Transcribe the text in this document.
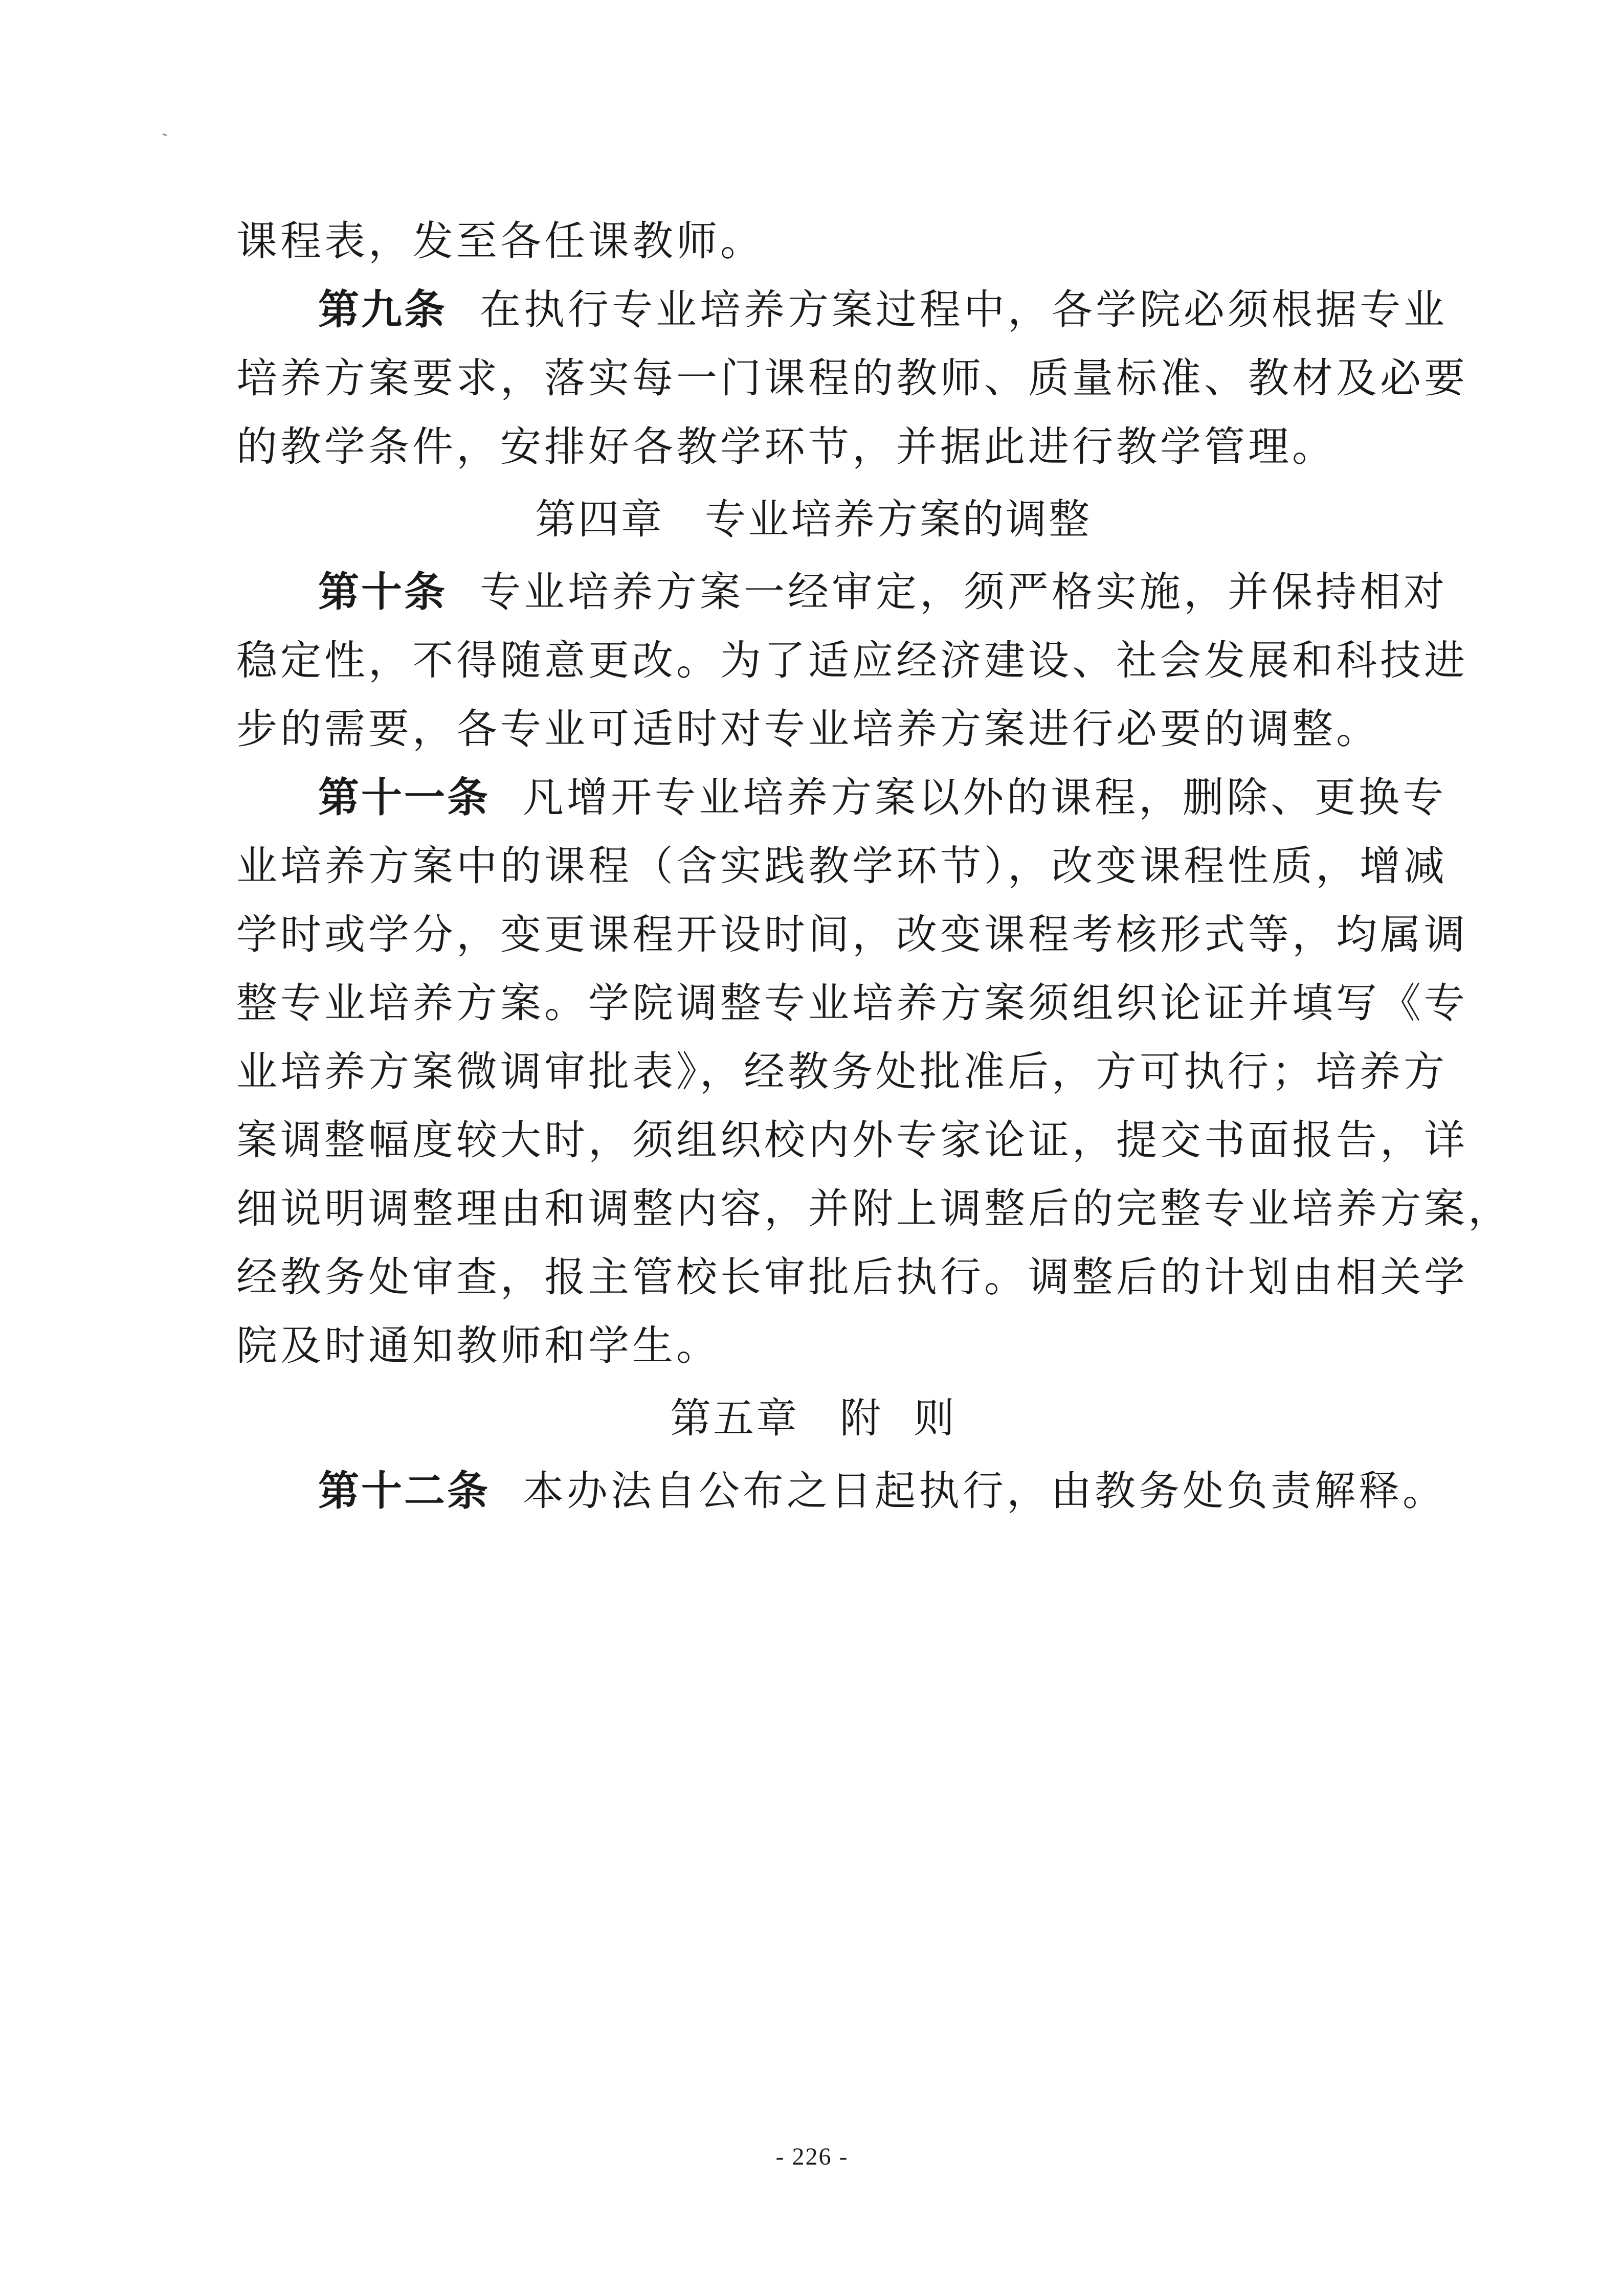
课程表，发至各任课教师。
第九条 在执行专业培养方案过程中，各学院必须根据专业
培养方案要求，落实每一门课程的教师、质量标准、教材及必要
的教学条件，安排好各教学环节，并据此进行教学管理。
第四章 专业培养方案的调整
第十条 专业培养方案一经审定，须严格实施，并保持相对
稳定性，不得随意更改。为了适应经济建设、社会发展和科技进
步的需要，各专业可适时对专业培养方案进行必要的调整。
第十一条 凡增开专业培养方案以外的课程，删除、更换专
业培养方案中的课程（含实践教学环节），改变课程性质，增减
学时或学分，变更课程开设时间，改变课程考核形式等，均属调
整专业培养方案。学院调整专业培养方案须组织论证并填写《专
业培养方案微调审批表》，经教务处批准后，方可执行；培养方
案调整幅度较大时，须组织校内外专家论证，提交书面报告，详
细说明调整理由和调整内容，并附上调整后的完整专业培养方案，
经教务处审查，报主管校长审批后执行。调整后的计划由相关学
院及时通知教师和学生。
第五章 附 则
第十二条 本办法自公布之日起执行，由教务处负责解释。
- 226 -
